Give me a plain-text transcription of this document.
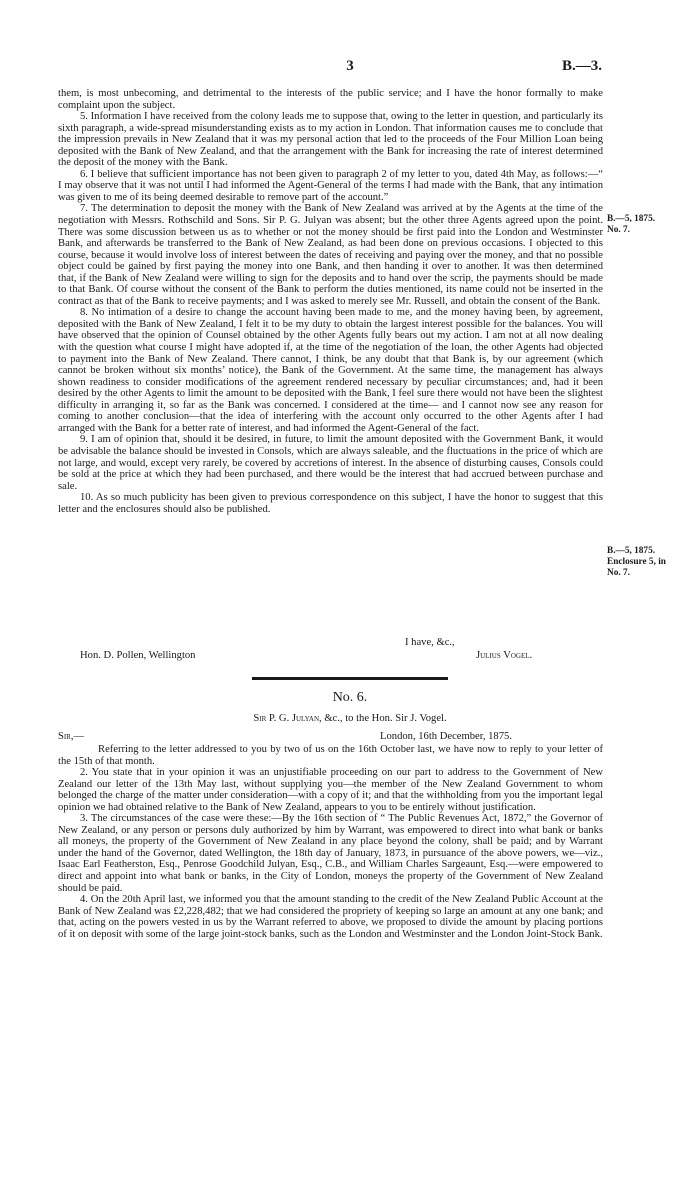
3	B.—3.

them, is most unbecoming, and detrimental to the interests of the public service; and I have the honor formally to make complaint upon the subject.

5. Information I have received from the colony leads me to suppose that, owing to the letter in question, and particularly its sixth paragraph, a wide-spread misunderstanding exists as to my action in London. That information causes me to conclude that the impression prevails in New Zealand that it was my personal action that led to the proceeds of the Four Million Loan being deposited with the Bank of New Zealand, and that the arrangement with the Bank for increasing the rate of interest determined the deposit of the money with the Bank.

6. I believe that sufficient importance has not been given to paragraph 2 of my letter to you, dated 4th May, as follows:—“ I may observe that it was not until I had informed the Agent-General of the terms I had made with the Bank, that any intimation was given to me of its being deemed desirable to remove part of the account.”

7. The determination to deposit the money with the Bank of New Zealand was arrived at by the Agents at the time of the negotiation with Messrs. Rothschild and Sons. Sir P. G. Julyan was absent; but the other three Agents agreed upon the point. There was some discussion between us as to whether or not the money should be first paid into the London and Westminster Bank, and afterwards be transferred to the Bank of New Zealand, as had been done on previous occasions. I objected to this course, because it would involve loss of interest between the dates of receiving and paying over the money, and that no possible object could be gained by first paying the money into one Bank, and then handing it over to another. It was then determined that, if the Bank of New Zealand were willing to sign for the deposits and to hand over the scrip, the payments should be made to that Bank. Of course without the consent of the Bank to perform the duties mentioned, its name could not be inserted in the contract as that of the Bank to receive payments; and I was asked to merely see Mr. Russell, and obtain the consent of the Bank.

8. No intimation of a desire to change the account having been made to me, and the money having been, by agreement, deposited with the Bank of New Zealand, I felt it to be my duty to obtain the largest interest possible for the balances. You will have observed that the opinion of Counsel obtained by the other Agents fully bears out my action. I am not at all now dealing with the question what course I might have adopted if, at the time of the negotiation of the loan, the other Agents had objected to payment into the Bank of New Zealand. There cannot, I think, be any doubt that that Bank is, by our agreement (which cannot be broken without six months’ notice), the Bank of the Government. At the same time, the management has always shown readiness to consider modifications of the agreement rendered necessary by peculiar circumstances; and, had it been desired by the other Agents to limit the amount to be deposited with the Bank, I feel sure there would not have been the slightest difficulty in arranging it, so far as the Bank was concerned. I considered at the time— and I cannot now see any reason for coming to another conclusion—that the idea of interfering with the account only occurred to the other Agents after I had arranged with the Bank for a better rate of interest, and had informed the Agent-General of the fact.

9. I am of opinion that, should it be desired, in future, to limit the amount deposited with the Government Bank, it would be advisable the balance should be invested in Consols, which are always saleable, and the fluctuations in the price of which are not large, and would, except very rarely, be covered by accretions of interest. In the absence of disturbing causes, Consols could be sold at the price at which they had been purchased, and there would be the interest that had accrued between purchase and sale.

10. As so much publicity has been given to previous correspondence on this subject, I have the honor to suggest that this letter and the enclosures should also be published.

B.—5, 1875.
No. 7.
B.—5, 1875.
Enclosure 5, in
No. 7.
I have, &c.,
Hon. D. Pollen, Wellington	Julius Vogel.
No. 6.
Sir P. G. Julyan, &c., to the Hon. Sir J. Vogel.
Sir,—	London, 16th December, 1875.

Referring to the letter addressed to you by two of us on the 16th October last, we have now to reply to your letter of the 15th of that month.

2. You state that in your opinion it was an unjustifiable proceeding on our part to address to the Government of New Zealand our letter of the 13th May last, without supplying you—the member of the New Zealand Government to whom belonged the charge of the matter under consideration—with a copy of it; and that the withholding from you the important legal opinion we had obtained relative to the Bank of New Zealand, appears to you to be entirely without justification.

3. The circumstances of the case were these:—By the 16th section of “ The Public Revenues Act, 1872,” the Governor of New Zealand, or any person or persons duly authorized by him by Warrant, was empowered to direct into what bank or banks all moneys, the property of the Government of New Zealand in any place beyond the colony, shall be paid; and by Warrant under the hand of the Governor, dated Wellington, the 18th day of January, 1873, in pursuance of the above powers, we—viz., Isaac Earl Featherston, Esq., Penrose Goodchild Julyan, Esq., C.B., and William Charles Sargeaunt, Esq.—were empowered to direct and appoint into what bank or banks, in the City of London, moneys the property of the Government of New Zealand should be paid.

4. On the 20th April last, we informed you that the amount standing to the credit of the New Zealand Public Account at the Bank of New Zealand was £2,228,482; that we had considered the propriety of keeping so large an amount at any one bank; and that, acting on the powers vested in us by the Warrant referred to above, we proposed to divide the amount by placing portions of it on deposit with some of the large joint-stock banks, such as the London and Westminster and the London Joint-Stock Bank.
